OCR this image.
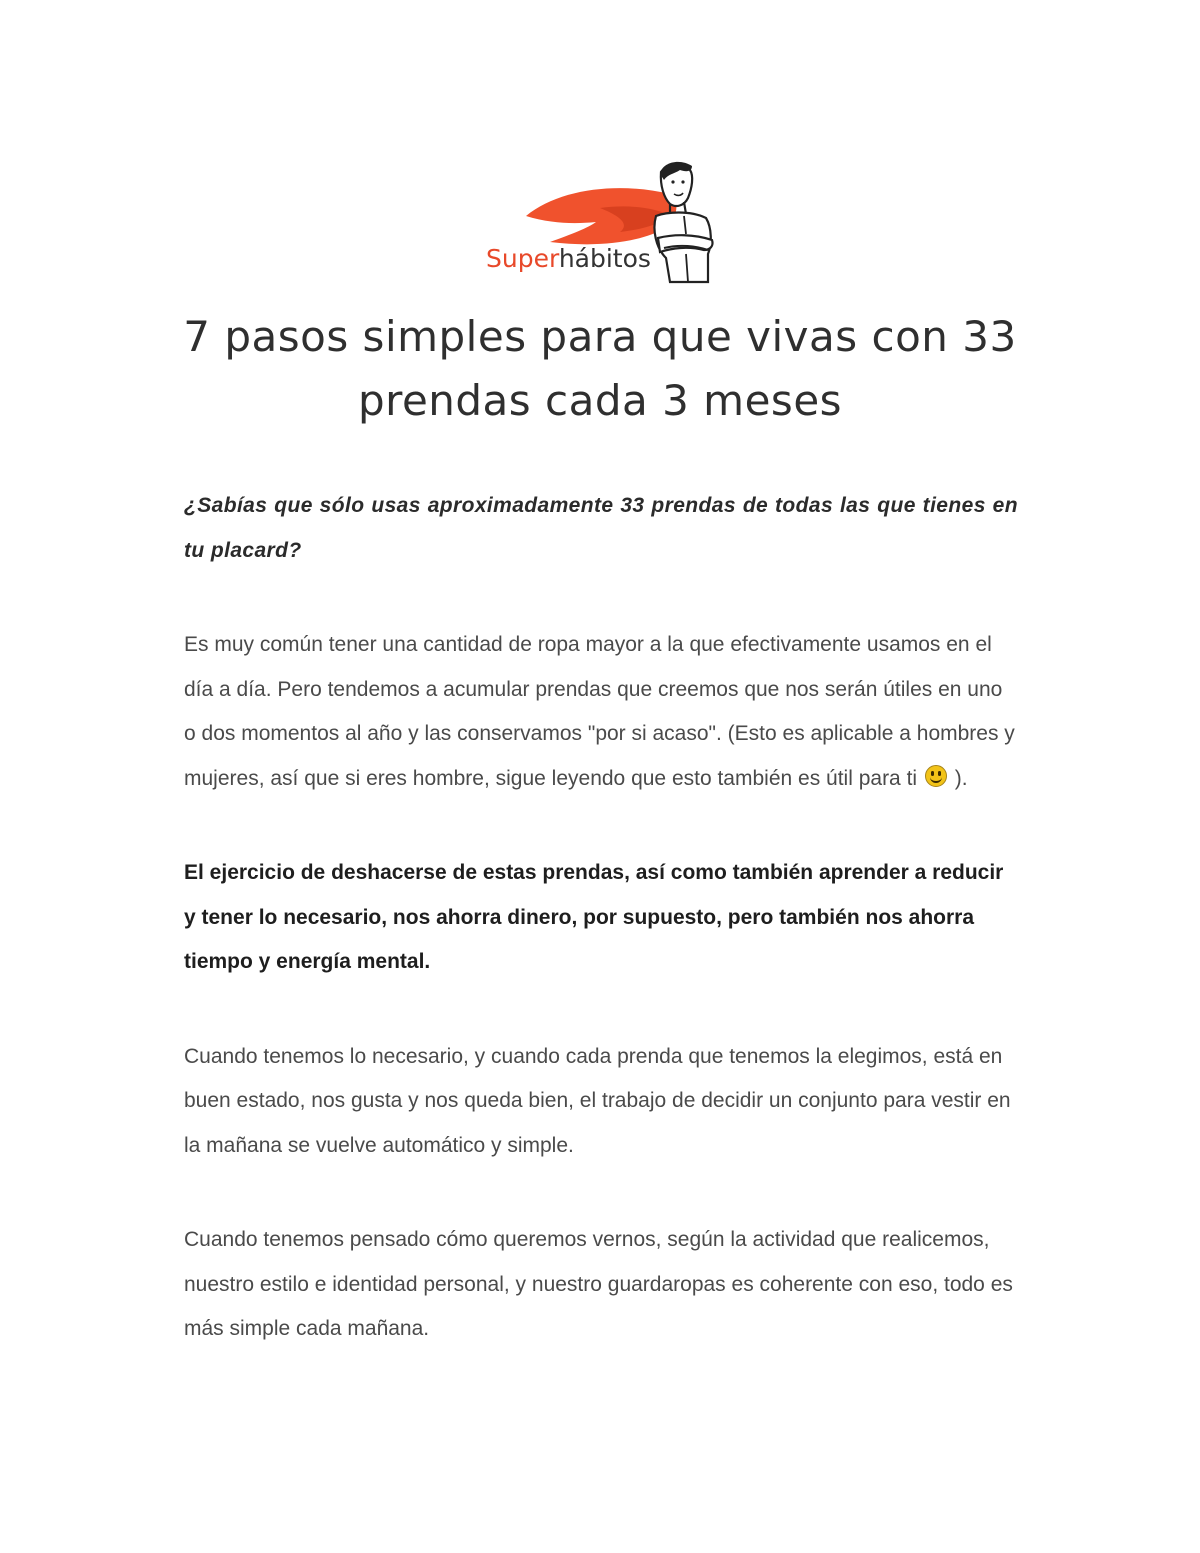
Superhábitos
7 pasos simples para que vivas con 33 prendas cada 3 meses

¿Sabías que sólo usas aproximadamente 33 prendas de todas las que tienes en tu placard?

Es muy común tener una cantidad de ropa mayor a la que efectivamente usamos en el día a día. Pero tendemos a acumular prendas que creemos que nos serán útiles en uno o dos momentos al año y las conservamos "por si acaso". (Esto es aplicable a hombres y mujeres, así que si eres hombre, sigue leyendo que esto también es útil para ti
).

El ejercicio de deshacerse de estas prendas, así como también aprender a reducir y tener lo necesario, nos ahorra dinero, por supuesto, pero también nos ahorra tiempo y energía mental.

Cuando tenemos lo necesario, y cuando cada prenda que tenemos la elegimos, está en buen estado, nos gusta y nos queda bien, el trabajo de decidir un conjunto para vestir en la mañana se vuelve automático y simple.

Cuando tenemos pensado cómo queremos vernos, según la actividad que realicemos, nuestro estilo e identidad personal, y nuestro guardaropas es coherente con eso, todo es más simple cada mañana.
